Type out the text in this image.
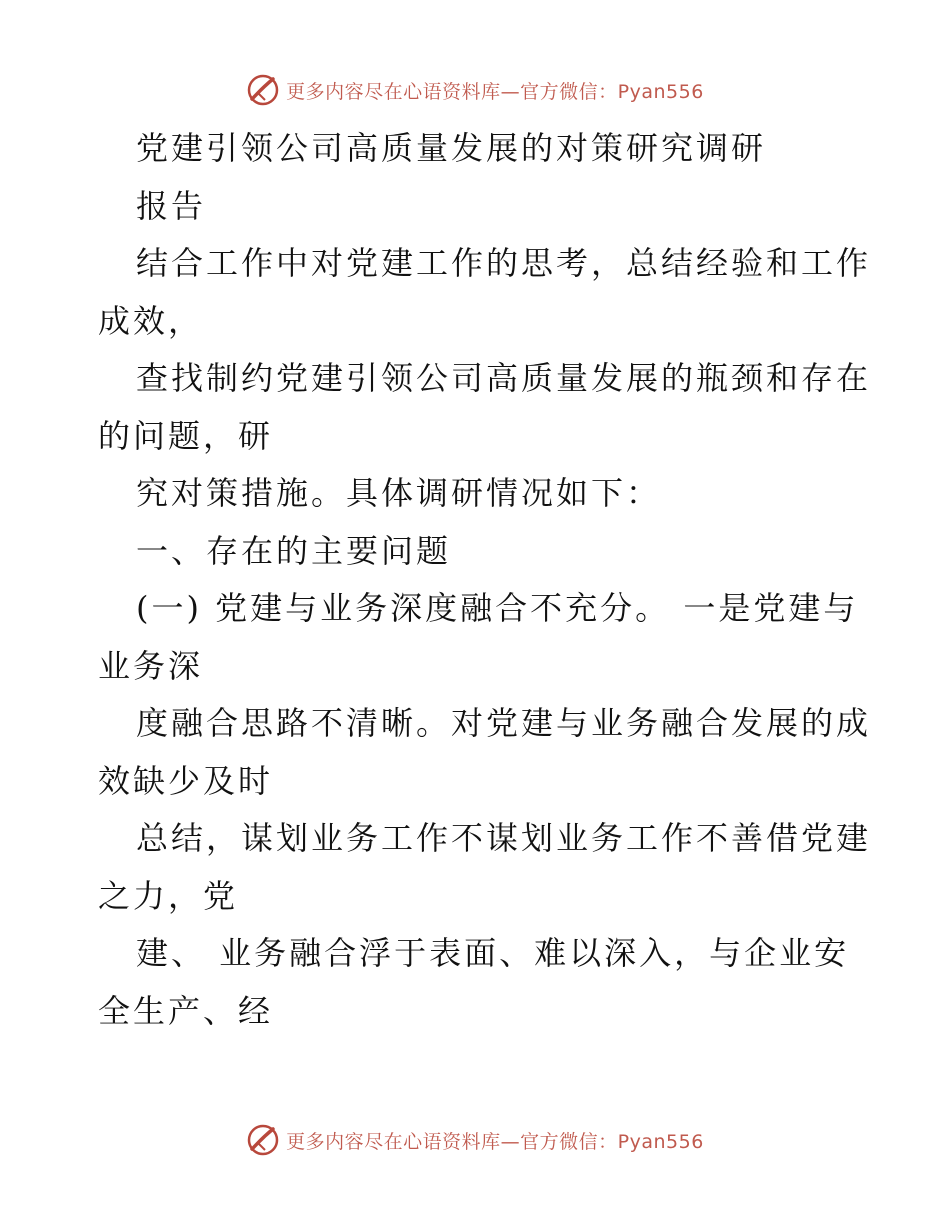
更多内容尽在心语资料库—官方微信：Pyan556
党建引领公司高质量发展的对策研究调研
报告
结合工作中对党建工作的思考，总结经验和工作
成效，
查找制约党建引领公司高质量发展的瓶颈和存在
的问题，研
究对策措施。具体调研情况如下：
一、存在的主要问题
(一) 党建与业务深度融合不充分。 一是党建与
业务深
度融合思路不清晰。对党建与业务融合发展的成
效缺少及时
总结，谋划业务工作不谋划业务工作不善借党建
之力，党
建、 业务融合浮于表面、难以深入，与企业安
全生产、经
更多内容尽在心语资料库—官方微信：Pyan556
